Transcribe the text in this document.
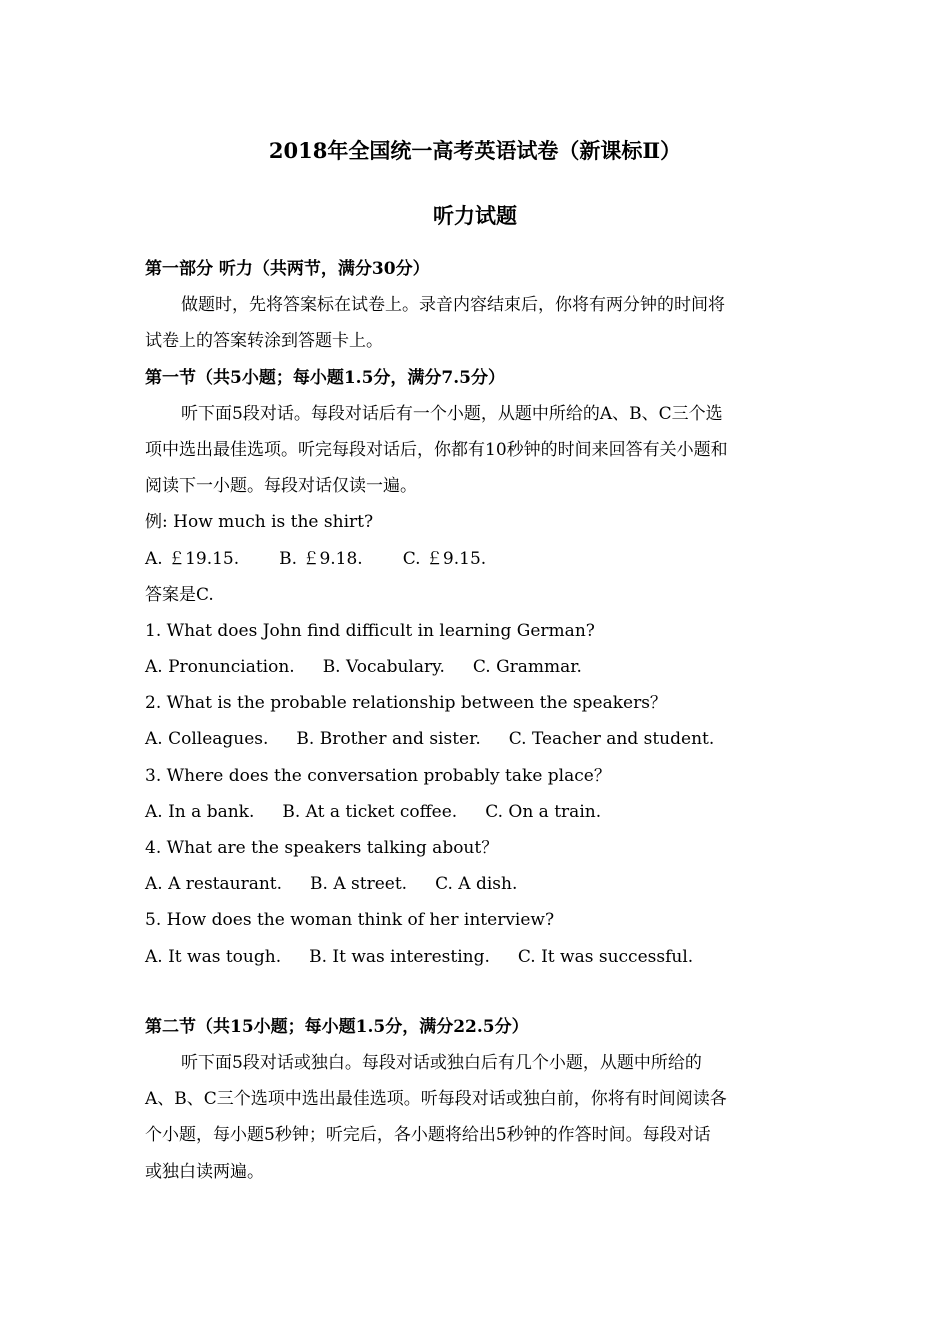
2018年全国统一高考英语试卷（新课标Ⅱ）
听力试题
第一部分 听力（共两节，满分30分）
做题时，先将答案标在试卷上。录音内容结束后，你将有两分钟的时间将
试卷上的答案转涂到答题卡上。
第一节（共5小题；每小题1.5分，满分7.5分）
听下面5段对话。每段对话后有一个小题，从题中所给的A、B、C三个选
项中选出最佳选项。听完每段对话后，你都有10秒钟的时间来回答有关小题和
阅读下一小题。每段对话仅读一遍。
例: How much is the shirt?
A. ￡19.15. B. ￡9.18. C. ￡9.15.
答案是C.
1. What does John find difficult in learning German?
A. Pronunciation. B. Vocabulary. C. Grammar.
2. What is the probable relationship between the speakers？
A. Colleagues. B. Brother and sister. C. Teacher and student.
3. Where does the conversation probably take place？
A. In a bank. B. At a ticket coffee. C. On a train.
4. What are the speakers talking about？
A. A restaurant. B. A street. C. A dish.
5. How does the woman think of her interview?
A. It was tough. B. It was interesting. C. It was successful.
第二节（共15小题；每小题1.5分，满分22.5分）
听下面5段对话或独白。每段对话或独白后有几个小题，从题中所给的
A、B、C三个选项中选出最佳选项。听每段对话或独白前，你将有时间阅读各
个小题，每小题5秒钟；听完后，各小题将给出5秒钟的作答时间。每段对话
或独白读两遍。
